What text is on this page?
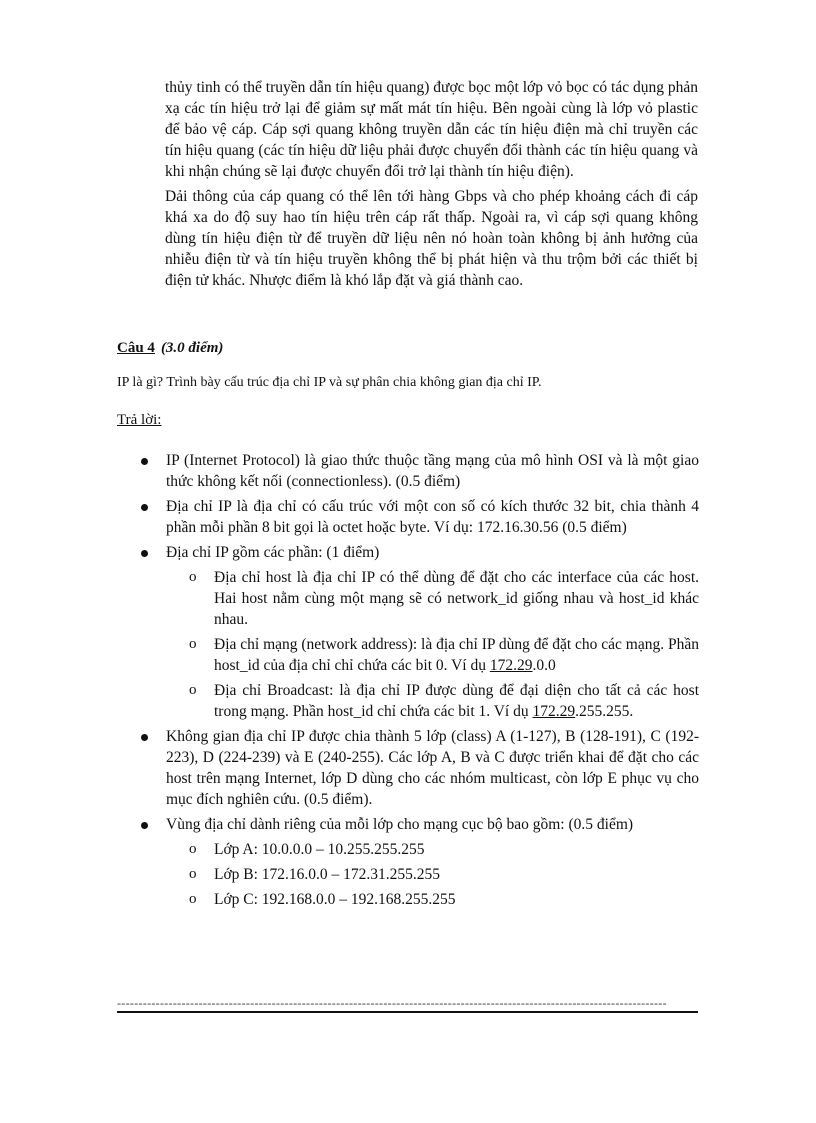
thủy tinh có thể truyền dẫn tín hiệu quang) được bọc một lớp vỏ bọc có tác dụng phản xạ các tín hiệu trở lại để giảm sự mất mát tín hiệu. Bên ngoài cùng là lớp vỏ plastic để bảo vệ cáp. Cáp sợi quang không truyền dẫn các tín hiệu điện mà chỉ truyền các tín hiệu quang (các tín hiệu dữ liệu phải được chuyển đổi thành các tín hiệu quang và khi nhận chúng sẽ lại được chuyển đổi trở lại thành tín hiệu điện).

Dải thông của cáp quang có thể lên tới hàng Gbps và cho phép khoảng cách đi cáp khá xa do độ suy hao tín hiệu trên cáp rất thấp. Ngoài ra, vì cáp sợi quang không dùng tín hiệu điện từ để truyền dữ liệu nên nó hoàn toàn không bị ảnh hưởng của nhiễu điện từ và tín hiệu truyền không thể bị phát hiện và thu trộm bởi các thiết bị điện tử khác. Nhược điểm là khó lắp đặt và giá thành cao.

Câu 4 (3.0 điểm)
IP là gì? Trình bày cấu trúc địa chỉ IP và sự phân chia không gian địa chỉ IP.
Trả lời:
IP (Internet Protocol) là giao thức thuộc tầng mạng của mô hình OSI và là một giao thức không kết nối (connectionless). (0.5 điểm)
Địa chỉ IP là địa chỉ có cấu trúc với một con số có kích thước 32 bit, chia thành 4 phần mỗi phần 8 bit gọi là octet hoặc byte. Ví dụ: 172.16.30.56 (0.5 điểm)
Địa chỉ IP gồm các phần: (1 điểm)
o Địa chỉ host là địa chỉ IP có thể dùng để đặt cho các interface của các host. Hai host nằm cùng một mạng sẽ có network_id giống nhau và host_id khác nhau.
o Địa chỉ mạng (network address): là địa chỉ IP dùng để đặt cho các mạng. Phần host_id của địa chỉ chỉ chứa các bit 0. Ví dụ 172.29.0.0
o Địa chỉ Broadcast: là địa chỉ IP được dùng để đại diện cho tất cả các host trong mạng. Phần host_id chỉ chứa các bit 1. Ví dụ 172.29.255.255.
Không gian địa chỉ IP được chia thành 5 lớp (class) A (1-127), B (128-191), C (192-223), D (224-239) và E (240-255). Các lớp A, B và C được triển khai để đặt cho các host trên mạng Internet, lớp D dùng cho các nhóm multicast, còn lớp E phục vụ cho mục đích nghiên cứu. (0.5 điểm).
Vùng địa chỉ dành riêng của mỗi lớp cho mạng cục bộ bao gồm: (0.5 điểm)
o Lớp A: 10.0.0.0 – 10.255.255.255
o Lớp B: 172.16.0.0 – 172.31.255.255
o Lớp C: 192.168.0.0 – 192.168.255.255
--------------------------------------------------------------------------------------------------------------------------------
